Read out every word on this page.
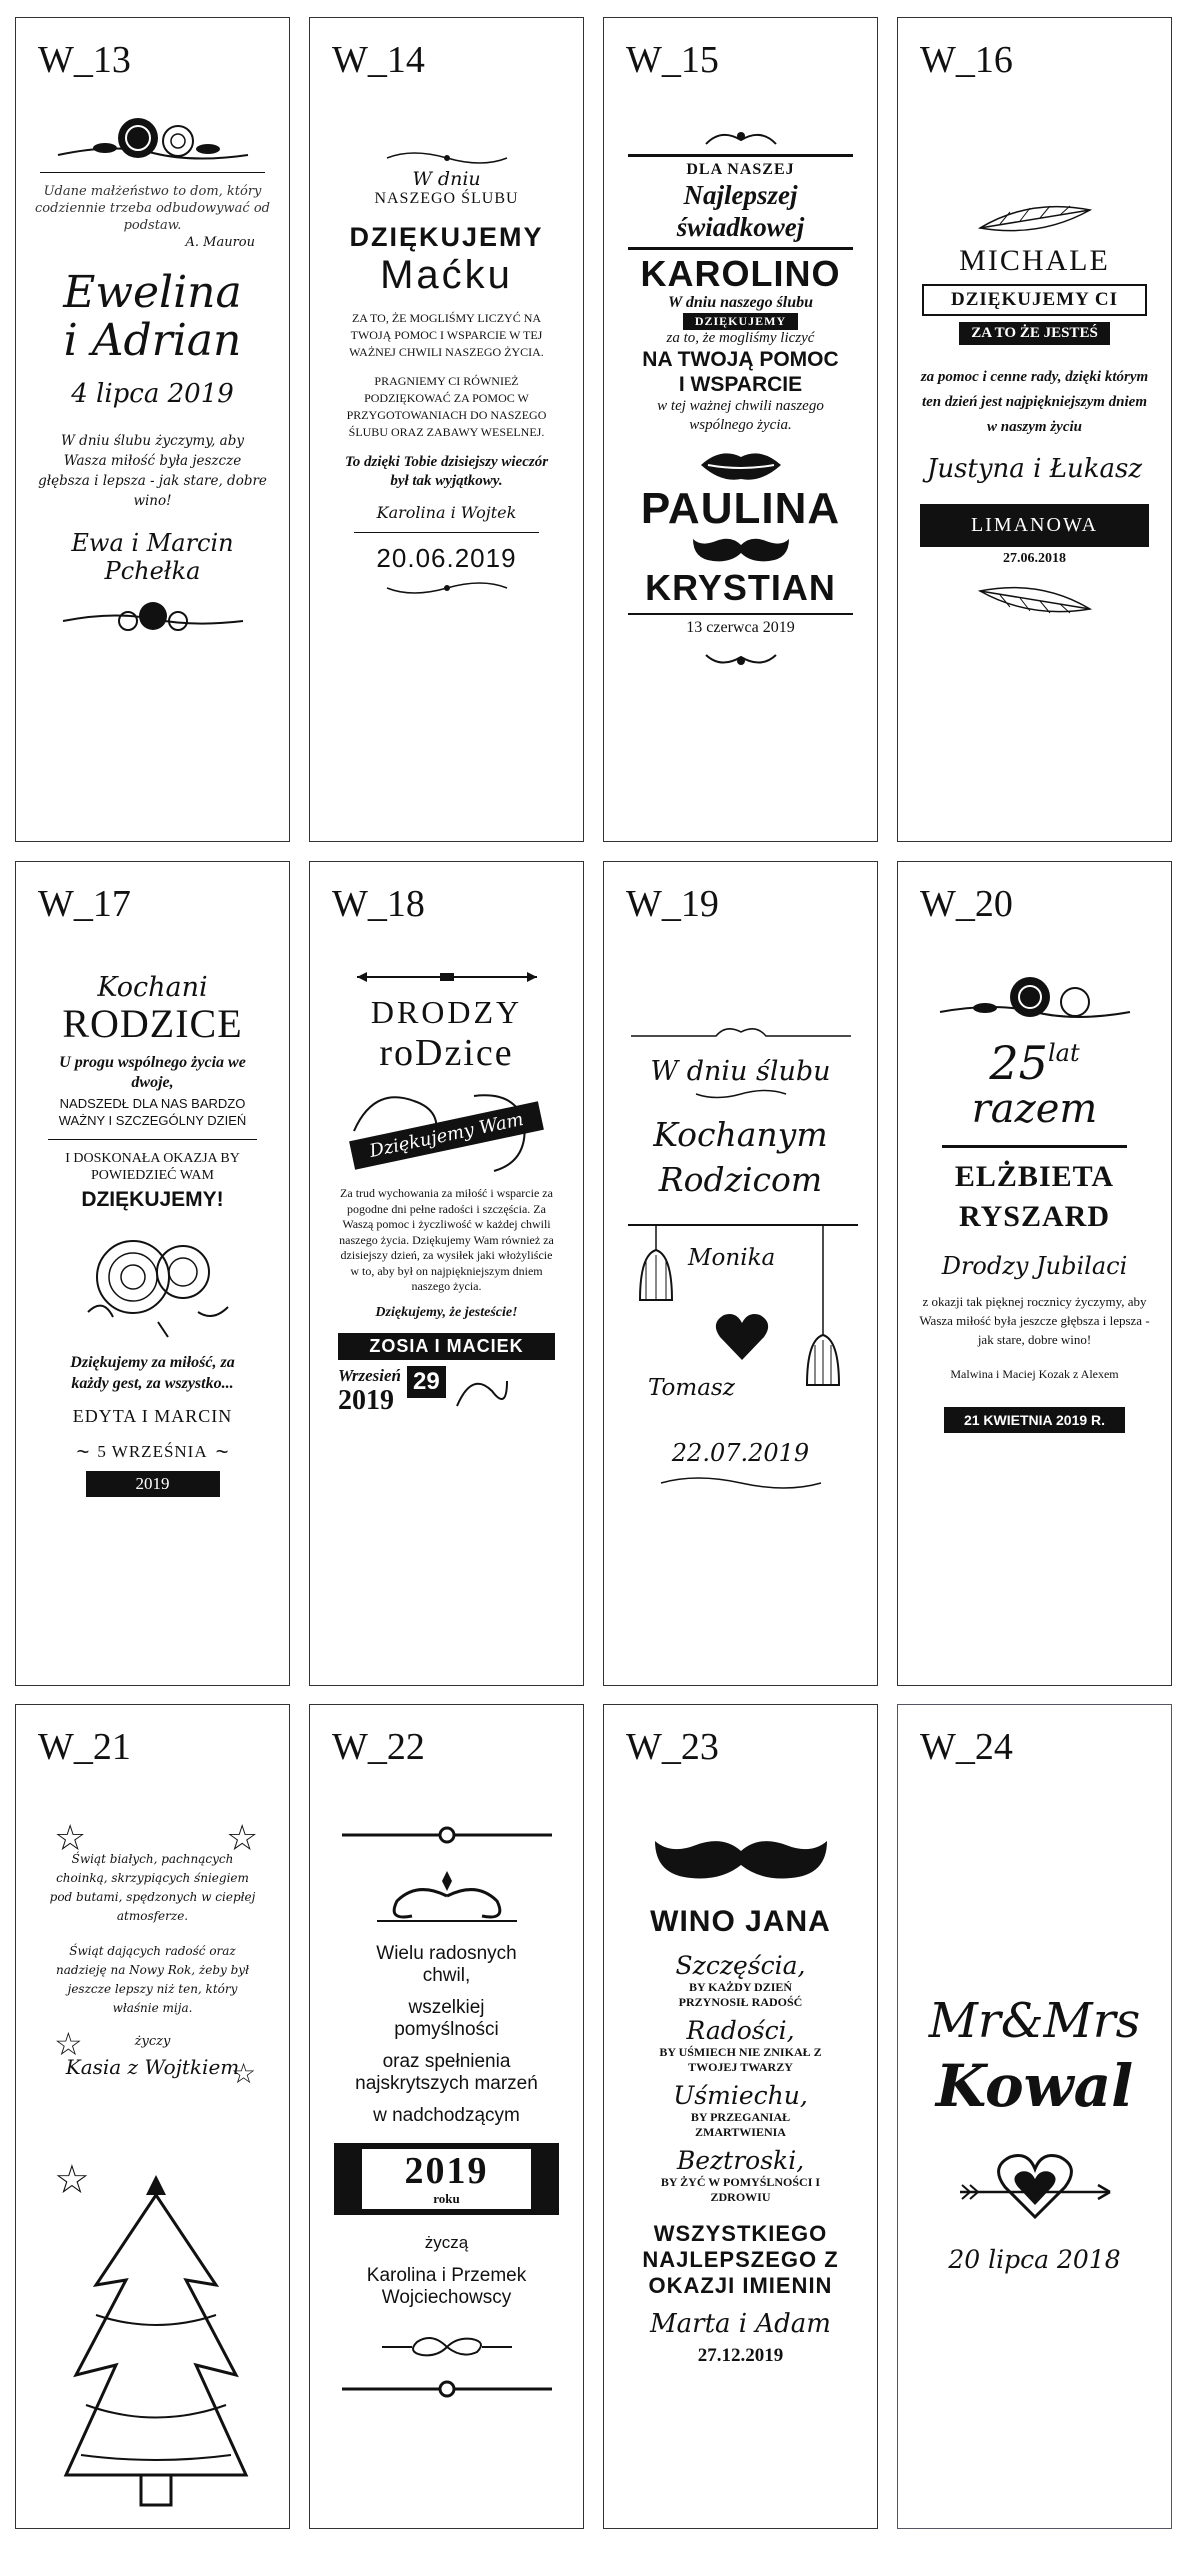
W_13
Udane małżeństwo to dom, który codziennie trzeba odbudowywać od podstaw.
A. Maurou
Ewelina
i Adrian
4 lipca 2019
W dniu ślubu życzymy, aby Wasza miłość była jeszcze głębsza i lepsza - jak stare, dobre wino!
Ewa i Marcin
Pchełka
W_14
W dniu
NASZEGO ŚLUBU
DZIĘKUJEMY
Maćku
ZA TO, ŻE MOGLIŚMY LICZYĆ NA TWOJĄ POMOC I WSPARCIE W TEJ WAŻNEJ CHWILI NASZEGO ŻYCIA.
PRAGNIEMY CI RÓWNIEŻ PODZIĘKOWAĆ ZA POMOC W PRZYGOTOWANIACH DO NASZEGO ŚLUBU ORAZ ZABAWY WESELNEJ.
To dzięki Tobie dzisiejszy wieczór był tak wyjątkowy.
Karolina i Wojtek
20.06.2019
W_15
DLA NASZEJ
Najlepszej
świadkowej
KAROLINO
W dniu naszego ślubu
DZIĘKUJEMY
za to, że mogliśmy liczyć
NA TWOJĄ POMOC
I WSPARCIE
w tej ważnej chwili naszego wspólnego życia.
PAULINA
KRYSTIAN
13 czerwca 2019
W_16
MICHALE
DZIĘKUJEMY CI
ZA TO ŻE JESTEŚ
za pomoc i cenne rady, dzięki którym ten dzień jest najpiękniejszym dniem w naszym życiu
Justyna i Łukasz
LIMANOWA
27.06.2018
W_17
Kochani
RODZICE
U progu wspólnego życia we dwoje,
NADSZEDŁ DLA NAS BARDZO WAŻNY I SZCZEGÓLNY DZIEŃ
I DOSKONAŁA OKAZJA BY POWIEDZIEĆ WAM
DZIĘKUJEMY!
Dziękujemy za miłość, za każdy gest, za wszystko...
EDYTA I MARCIN
~ 5 WRZEŚNIA ~
2019
W_18
DRODZY
roDzice
Dziękujemy Wam
Za trud wychowania za miłość i wsparcie za pogodne dni pełne radości i szczęścia. Za Waszą pomoc i życzliwość w każdej chwili naszego życia. Dziękujemy Wam również za dzisiejszy dzień, za wysiłek jaki włożyliście w to, aby był on najpiękniejszym dniem naszego życia.
Dziękujemy, że jesteście!
ZOSIA I MACIEK
Wrzesień
2019
29
W_19
W dniu ślubu
Kochanym
Rodzicom
Monika
Tomasz
22.07.2019
W_20
25 lat
razem
ELŻBIETA
RYSZARD
Drodzy Jubilaci
z okazji tak pięknej rocznicy życzymy, aby Wasza miłość była jeszcze głębsza i lepsza - jak stare, dobre wino!
Malwina i Maciej Kozak z Alexem
21 KWIETNIA 2019 R.
W_21
☆	☆
☆
☆
☆
Świąt białych, pachnących choinką, skrzypiących śniegiem pod butami, spędzonych w ciepłej atmosferze.
Świąt dających radość oraz nadzieję na Nowy Rok, żeby był jeszcze lepszy niż ten, który właśnie mija.
życzy
Kasia z Wojtkiem
W_22
Wielu radosnych chwil,
wszelkiej pomyślności
oraz spełnienia najskrytszych marzeń
w nadchodzącym
2019
roku
życzą
Karolina i Przemek
Wojciechowscy
W_23
WINO JANA
Szczęścia,
BY KAŻDY DZIEŃ PRZYNOSIŁ RADOŚĆ
Radości,
BY UŚMIECH NIE ZNIKAŁ Z TWOJEJ TWARZY
Uśmiechu,
BY PRZEGANIAŁ ZMARTWIENIA
Beztroski,
BY ŻYĆ W POMYŚLNOŚCI I ZDROWIU
WSZYSTKIEGO NAJLEPSZEGO Z OKAZJI IMIENIN
Marta i Adam
27.12.2019
W_24
Mr&Mrs
Kowal
20 lipca 2018
